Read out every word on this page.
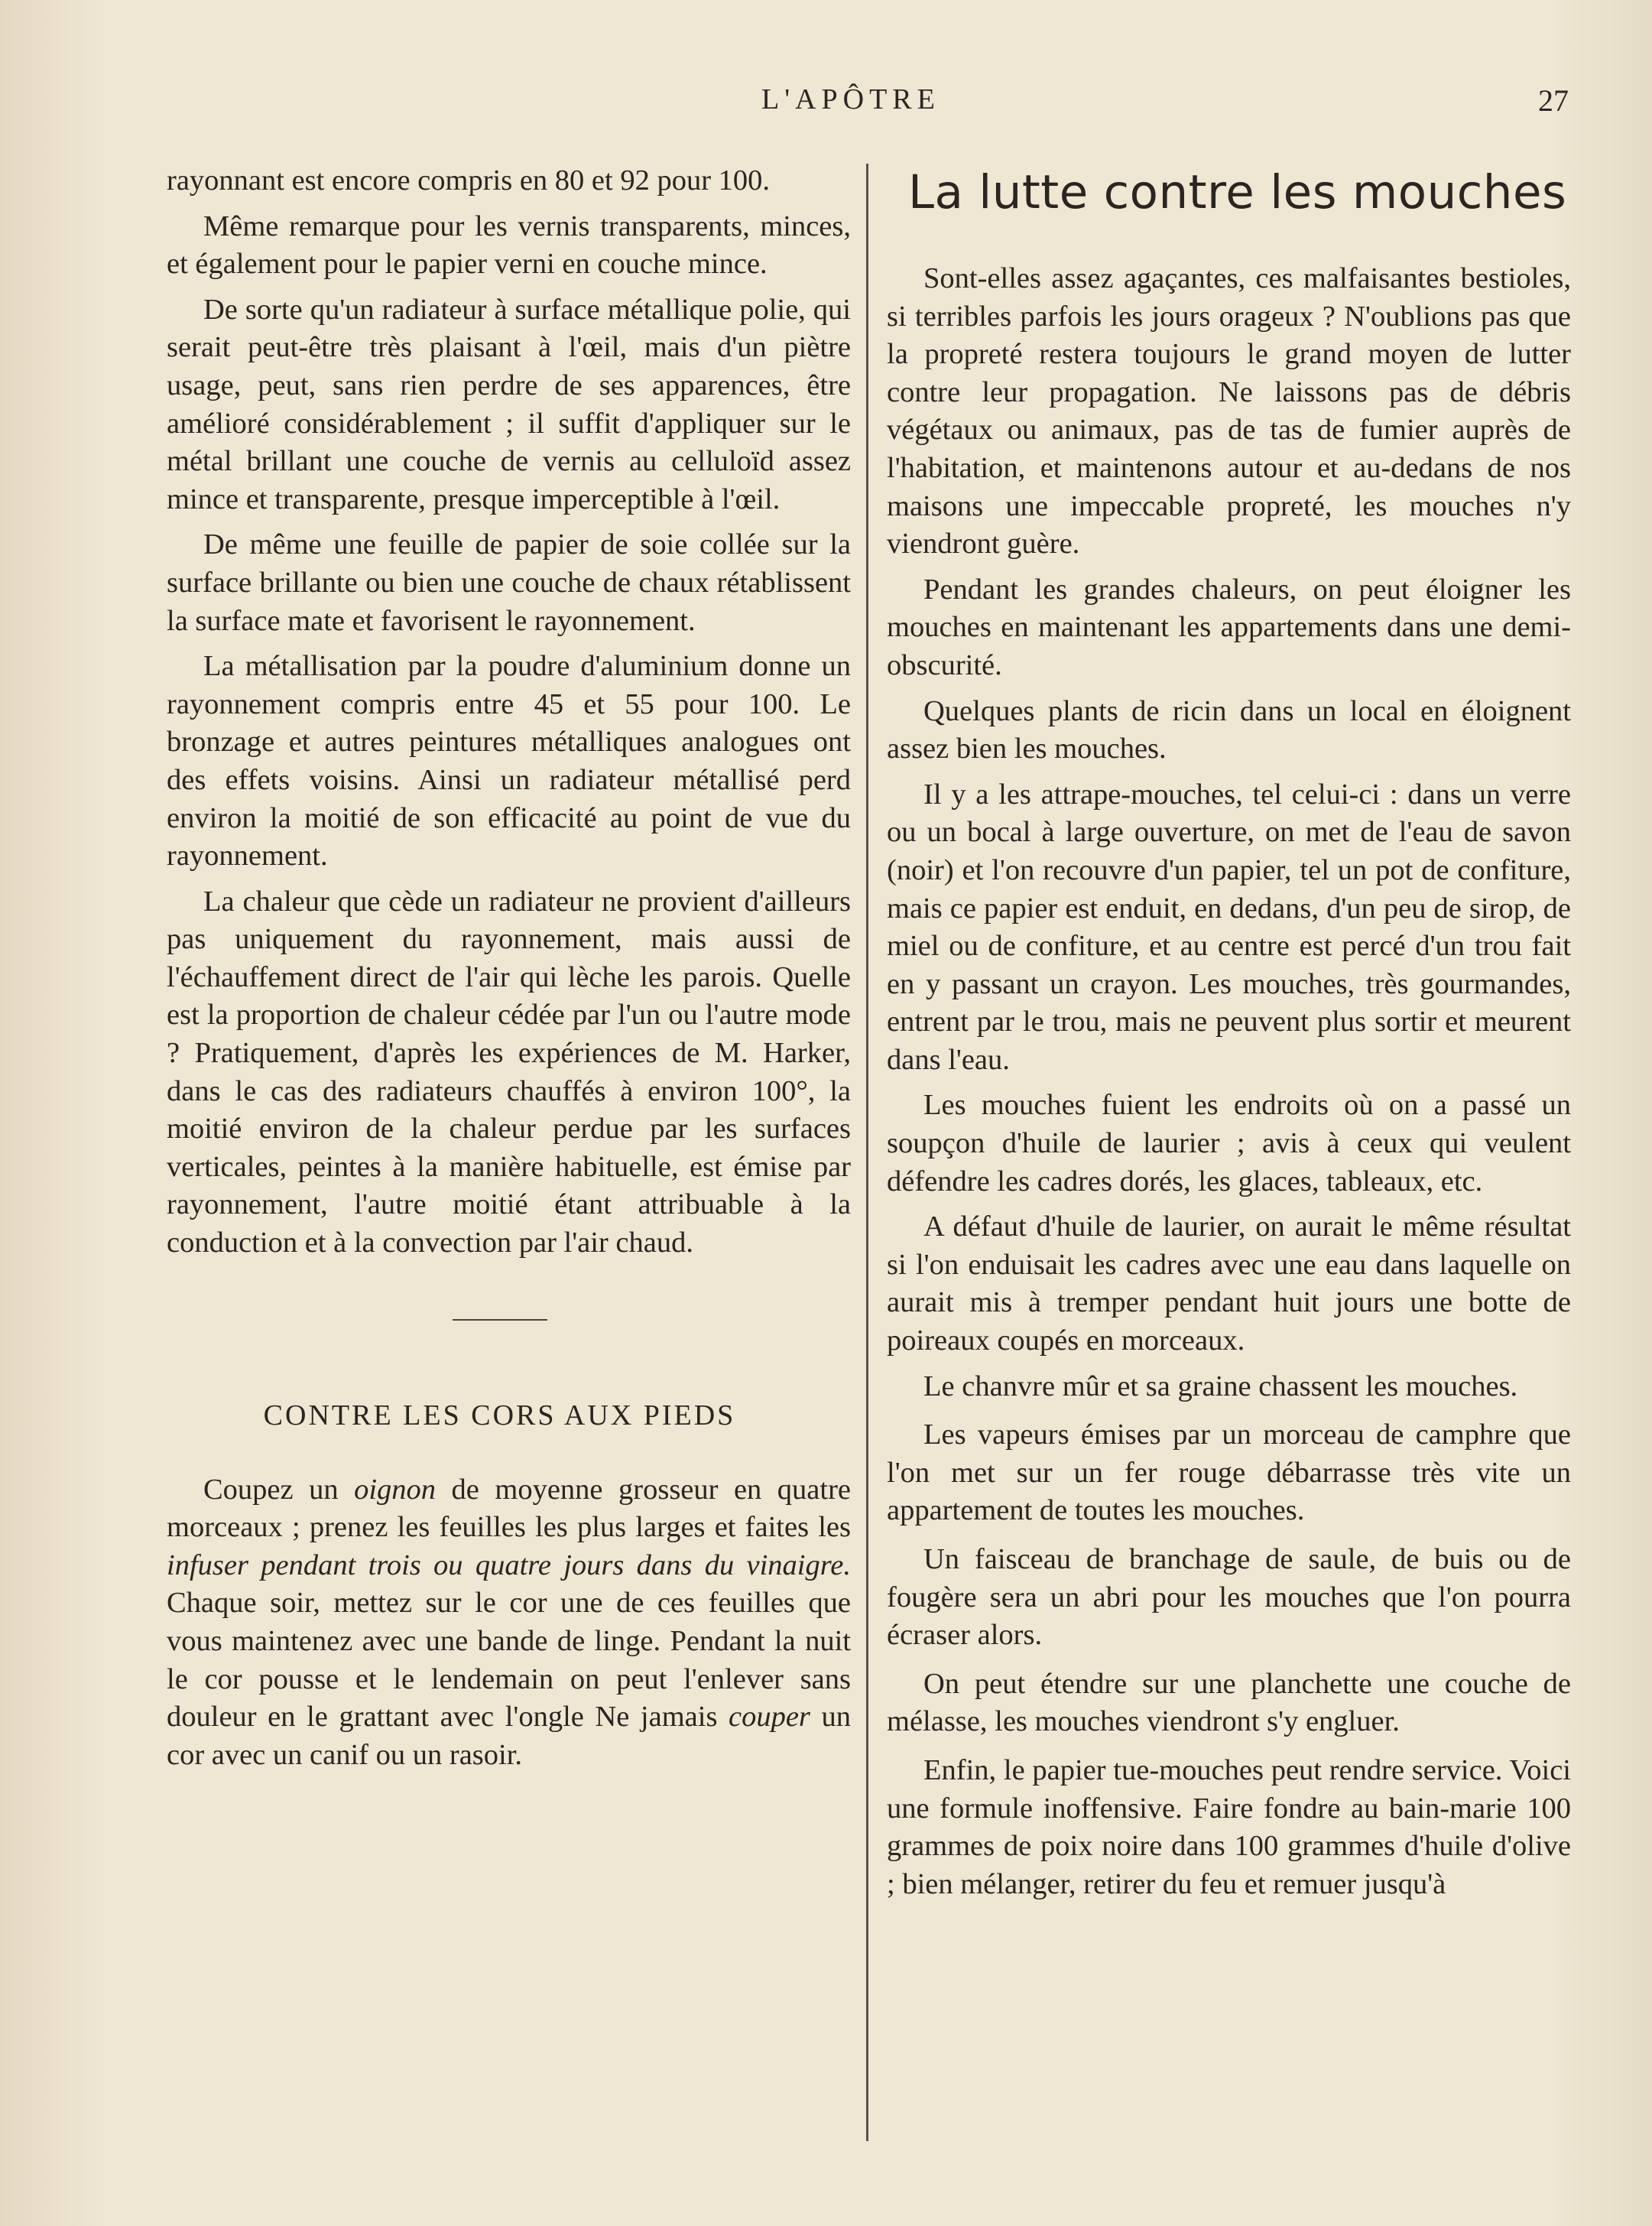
L'APÔTRE	27

rayonnant est encore compris en 80 et 92 pour 100.

Même remarque pour les vernis transparents, minces, et également pour le papier verni en couche mince.

De sorte qu'un radiateur à surface métallique polie, qui serait peut-être très plaisant à l'œil, mais d'un piètre usage, peut, sans rien perdre de ses apparences, être amélioré considérablement ; il suffit d'appliquer sur le métal brillant une couche de vernis au celluloïd assez mince et transparente, presque imperceptible à l'œil.

De même une feuille de papier de soie collée sur la surface brillante ou bien une couche de chaux rétablissent la surface mate et favorisent le rayonnement.

La métallisation par la poudre d'aluminium donne un rayonnement compris entre 45 et 55 pour 100. Le bronzage et autres peintures métalliques analogues ont des effets voisins. Ainsi un radiateur métallisé perd environ la moitié de son efficacité au point de vue du rayonnement.

La chaleur que cède un radiateur ne provient d'ailleurs pas uniquement du rayonnement, mais aussi de l'échauffement direct de l'air qui lèche les parois. Quelle est la proportion de chaleur cédée par l'un ou l'autre mode ? Pratiquement, d'après les expériences de M. Harker, dans le cas des radiateurs chauffés à environ 100°, la moitié environ de la chaleur perdue par les surfaces verticales, peintes à la manière habituelle, est émise par rayonnement, l'autre moitié étant attribuable à la conduction et à la convection par l'air chaud.

CONTRE LES CORS AUX PIEDS

Coupez un oignon de moyenne grosseur en quatre morceaux ; prenez les feuilles les plus larges et faites les infuser pendant trois ou quatre jours dans du vinaigre. Chaque soir, mettez sur le cor une de ces feuilles que vous maintenez avec une bande de linge. Pendant la nuit le cor pousse et le lendemain on peut l'enlever sans douleur en le grattant avec l'ongle Ne jamais couper un cor avec un canif ou un rasoir.

La lutte contre les mouches

Sont-elles assez agaçantes, ces malfaisantes bestioles, si terribles parfois les jours orageux ? N'oublions pas que la propreté restera toujours le grand moyen de lutter contre leur propagation. Ne laissons pas de débris végétaux ou animaux, pas de tas de fumier auprès de l'habitation, et maintenons autour et au-dedans de nos maisons une impeccable propreté, les mouches n'y viendront guère.

Pendant les grandes chaleurs, on peut éloigner les mouches en maintenant les appartements dans une demi-obscurité.

Quelques plants de ricin dans un local en éloignent assez bien les mouches.

Il y a les attrape-mouches, tel celui-ci : dans un verre ou un bocal à large ouverture, on met de l'eau de savon (noir) et l'on recouvre d'un papier, tel un pot de confiture, mais ce papier est enduit, en dedans, d'un peu de sirop, de miel ou de confiture, et au centre est percé d'un trou fait en y passant un crayon. Les mouches, très gourmandes, entrent par le trou, mais ne peuvent plus sortir et meurent dans l'eau.

Les mouches fuient les endroits où on a passé un soupçon d'huile de laurier ; avis à ceux qui veulent défendre les cadres dorés, les glaces, tableaux, etc.

A défaut d'huile de laurier, on aurait le même résultat si l'on enduisait les cadres avec une eau dans laquelle on aurait mis à tremper pendant huit jours une botte de poireaux coupés en morceaux.

Le chanvre mûr et sa graine chassent les mouches.

Les vapeurs émises par un morceau de camphre que l'on met sur un fer rouge débarrasse très vite un appartement de toutes les mouches.

Un faisceau de branchage de saule, de buis ou de fougère sera un abri pour les mouches que l'on pourra écraser alors.

On peut étendre sur une planchette une couche de mélasse, les mouches viendront s'y engluer.

Enfin, le papier tue-mouches peut rendre service. Voici une formule inoffensive. Faire fondre au bain-marie 100 grammes de poix noire dans 100 grammes d'huile d'olive ; bien mélanger, retirer du feu et remuer jusqu'à
